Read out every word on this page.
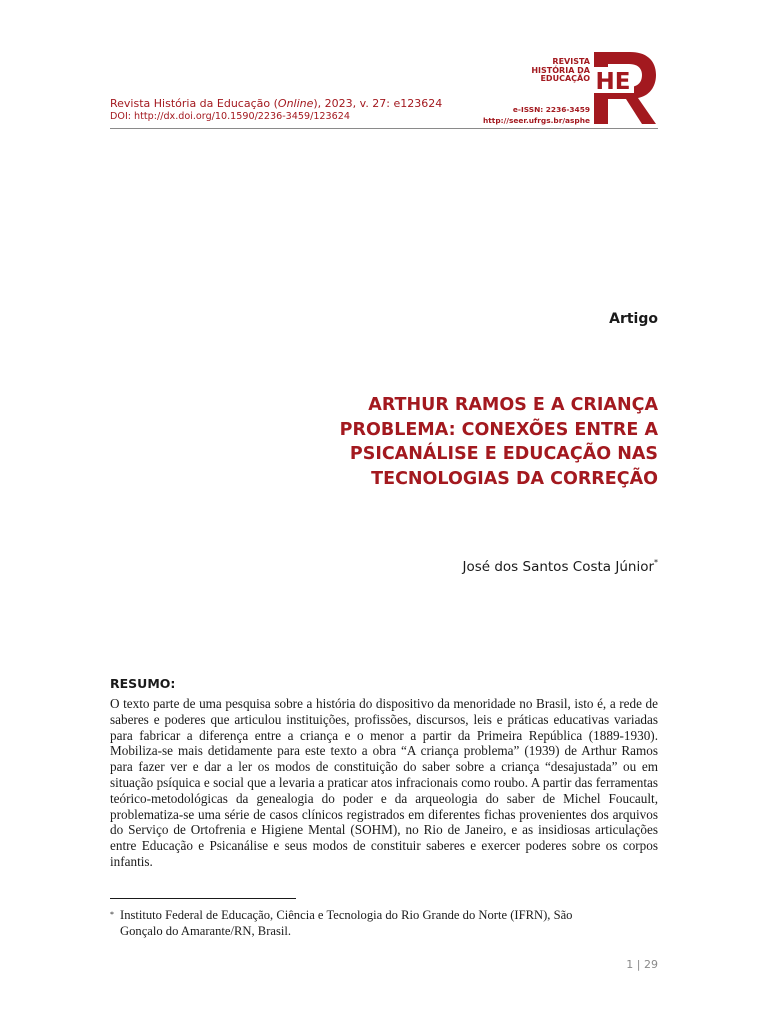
Revista História da Educação (Online), 2023, v. 27: e123624
DOI: http://dx.doi.org/10.1590/2236-3459/123624
REVISTA
HISTÓRIA DA
EDUCAÇÃO
e-ISSN: 2236-3459
http://seer.ufrgs.br/asphe
HE
Artigo
ARTHUR RAMOS E A CRIANÇA
PROBLEMA: CONEXÕES ENTRE A
PSICANÁLISE E EDUCAÇÃO NAS
TECNOLOGIAS DA CORREÇÃO
José dos Santos Costa Júnior*
RESUMO:
O texto parte de uma pesquisa sobre a história do dispositivo da menoridade no Brasil, isto é, a rede de saberes e poderes que articulou instituições, profissões, discursos, leis e práticas educativas variadas para fabricar a diferença entre a criança e o menor a partir da Primeira República (1889-1930). Mobiliza-se mais detidamente para este texto a obra “A criança problema” (1939) de Arthur Ramos para fazer ver e dar a ler os modos de constituição do saber sobre a criança “desajustada” ou em situação psíquica e social que a levaria a praticar atos infracionais como roubo. A partir das ferramentas teórico-metodológicas da genealogia do poder e da arqueologia do saber de Michel Foucault, problematiza-se uma série de casos clínicos registrados em diferentes fichas provenientes dos arquivos do Serviço de Ortofrenia e Higiene Mental (SOHM), no Rio de Janeiro, e as insidiosas articulações entre Educação e Psicanálise e seus modos de constituir saberes e exercer poderes sobre os corpos infantis.
* Instituto Federal de Educação, Ciência e Tecnologia do Rio Grande do Norte (IFRN), São
Gonçalo do Amarante/RN, Brasil.
1 | 29
